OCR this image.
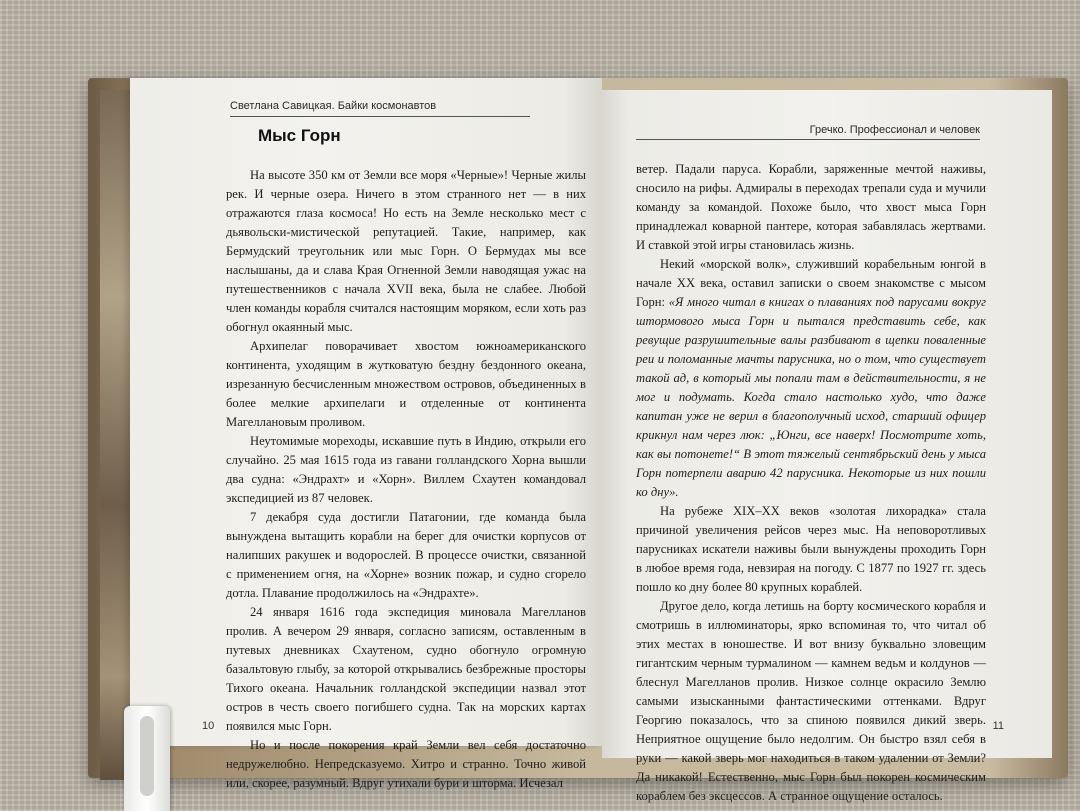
Светлана Савицкая. Байки космонавтов
Мыс Горн

На высоте 350 км от Земли все моря «Черные»! Черные жилы рек. И черные озера. Ничего в этом странного нет — в них отражаются глаза космоса! Но есть на Земле несколько мест с дьявольски-мистической репутацией. Такие, например, как Бермудский треугольник или мыс Горн. О Бермудах мы все наслышаны, да и слава Края Огненной Земли наводящая ужас на путешественников с начала XVII века, была не слабее. Любой член команды корабля считался настоящим моряком, если хоть раз обогнул окаянный мыс.

Архипелаг поворачивает хвостом южноамериканского континента, уходящим в жутковатую бездну бездонного океана, изрезанную бесчисленным множеством островов, объединенных в более мелкие архипелаги и отделенные от континента Магеллановым проливом.

Неутомимые мореходы, искавшие путь в Индию, открыли его случайно. 25 мая 1615 года из гавани голландского Хорна вышли два судна: «Эндрахт» и «Хорн». Виллем Схаутен командовал экспедицией из 87 человек.

7 декабря суда достигли Патагонии, где команда была вынуждена вытащить корабли на берег для очистки корпусов от налипших ракушек и водорослей. В процессе очистки, связанной с применением огня, на «Хорне» возник пожар, и судно сгорело дотла. Плавание продолжилось на «Эндрахте».

24 января 1616 года экспедиция миновала Магелланов пролив. А вечером 29 января, согласно записям, оставленным в путевых дневниках Схаутеном, судно обогнуло огромную базальтовую глыбу, за которой открывались безбрежные просторы Тихого океана. Начальник голландской экспедиции назвал этот остров в честь своего погибшего судна. Так на морских картах появился мыс Горн.

Но и после покорения край Земли вел себя достаточно недружелюбно. Непредсказуемо. Хитро и странно. Точно живой или, скорее, разумный. Вдруг утихали бури и шторма. Исчезал

10
Гречко. Профессионал и человек

ветер. Падали паруса. Корабли, заряженные мечтой наживы, сносило на рифы. Адмиралы в переходах трепали суда и мучили команду за командой. Похоже было, что хвост мыса Горн принадлежал коварной пантере, которая забавлялась жертвами. И ставкой этой игры становилась жизнь.

Некий «морской волк», служивший корабельным юнгой в начале XX века, оставил записки о своем знакомстве с мысом Горн: «Я много читал в книгах о плаваниях под парусами вокруг штормового мыса Горн и пытался представить себе, как ревущие разрушительные валы разбивают в щепки поваленные реи и поломанные мачты парусника, но о том, что существует такой ад, в который мы попали там в действительности, я не мог и подумать. Когда стало настолько худо, что даже капитан уже не верил в благополучный исход, старший офицер крикнул нам через люк: „Юнги, все наверх! Посмотрите хоть, как вы потонете!“ В этот тяжелый сентябрьский день у мыса Горн потерпели аварию 42 парусника. Некоторые из них пошли ко дну».

На рубеже XIX–XX веков «золотая лихорадка» стала причиной увеличения рейсов через мыс. На неповоротливых парусниках искатели наживы были вынуждены проходить Горн в любое время года, невзирая на погоду. С 1877 по 1927 гг. здесь пошло ко дну более 80 крупных кораблей.

Другое дело, когда летишь на борту космического корабля и смотришь в иллюминаторы, ярко вспоминая то, что читал об этих местах в юношестве. И вот внизу буквально зловещим гигантским черным турмалином — камнем ведьм и колдунов — блеснул Магелланов пролив. Низкое солнце окрасило Землю самыми изысканными фантастическими оттенками. Вдруг Георгию показалось, что за спиною появился дикий зверь. Неприятное ощущение было недолгим. Он быстро взял себя в руки — какой зверь мог находиться в таком удалении от Земли? Да никакой! Естественно, мыс Горн был покорен космическим кораблем без эксцессов. А странное ощущение осталось.

11
